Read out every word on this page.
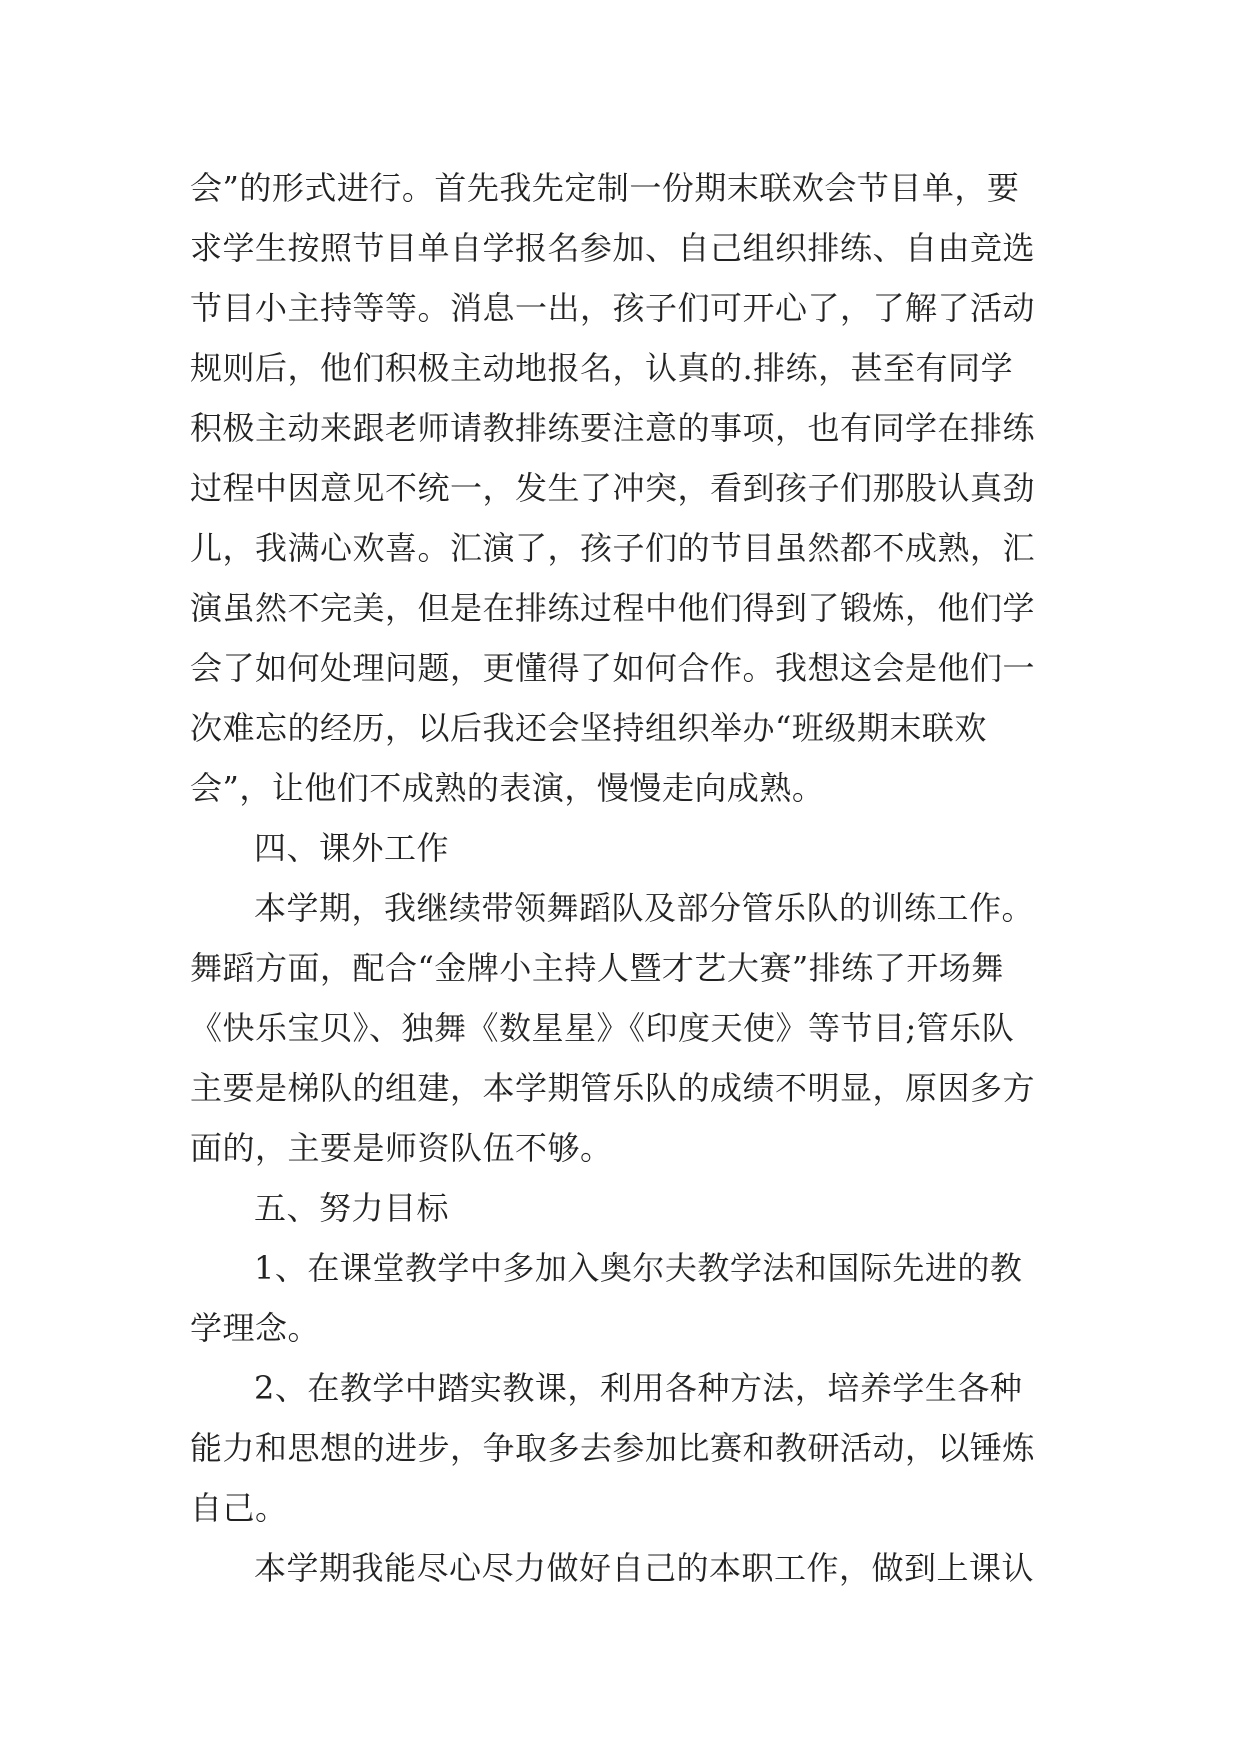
会”的形式进行。首先我先定制一份期末联欢会节目单，要
求学生按照节目单自学报名参加、自己组织排练、自由竞选
节目小主持等等。消息一出，孩子们可开心了，了解了活动
规则后，他们积极主动地报名，认真的.排练，甚至有同学
积极主动来跟老师请教排练要注意的事项，也有同学在排练
过程中因意见不统一，发生了冲突，看到孩子们那股认真劲
儿，我满心欢喜。汇演了，孩子们的节目虽然都不成熟，汇
演虽然不完美，但是在排练过程中他们得到了锻炼，他们学
会了如何处理问题，更懂得了如何合作。我想这会是他们一
次难忘的经历，以后我还会坚持组织举办“班级期末联欢
会”，让他们不成熟的表演，慢慢走向成熟。
四、课外工作
本学期，我继续带领舞蹈队及部分管乐队的训练工作。
舞蹈方面，配合“金牌小主持人暨才艺大赛”排练了开场舞
《快乐宝贝》、独舞《数星星》《印度天使》等节目;管乐队
主要是梯队的组建，本学期管乐队的成绩不明显，原因多方
面的，主要是师资队伍不够。
五、努力目标
1、在课堂教学中多加入奥尔夫教学法和国际先进的教
学理念。
2、在教学中踏实教课，利用各种方法，培养学生各种
能力和思想的进步，争取多去参加比赛和教研活动，以锤炼
自己。
本学期我能尽心尽力做好自己的本职工作，做到上课认
